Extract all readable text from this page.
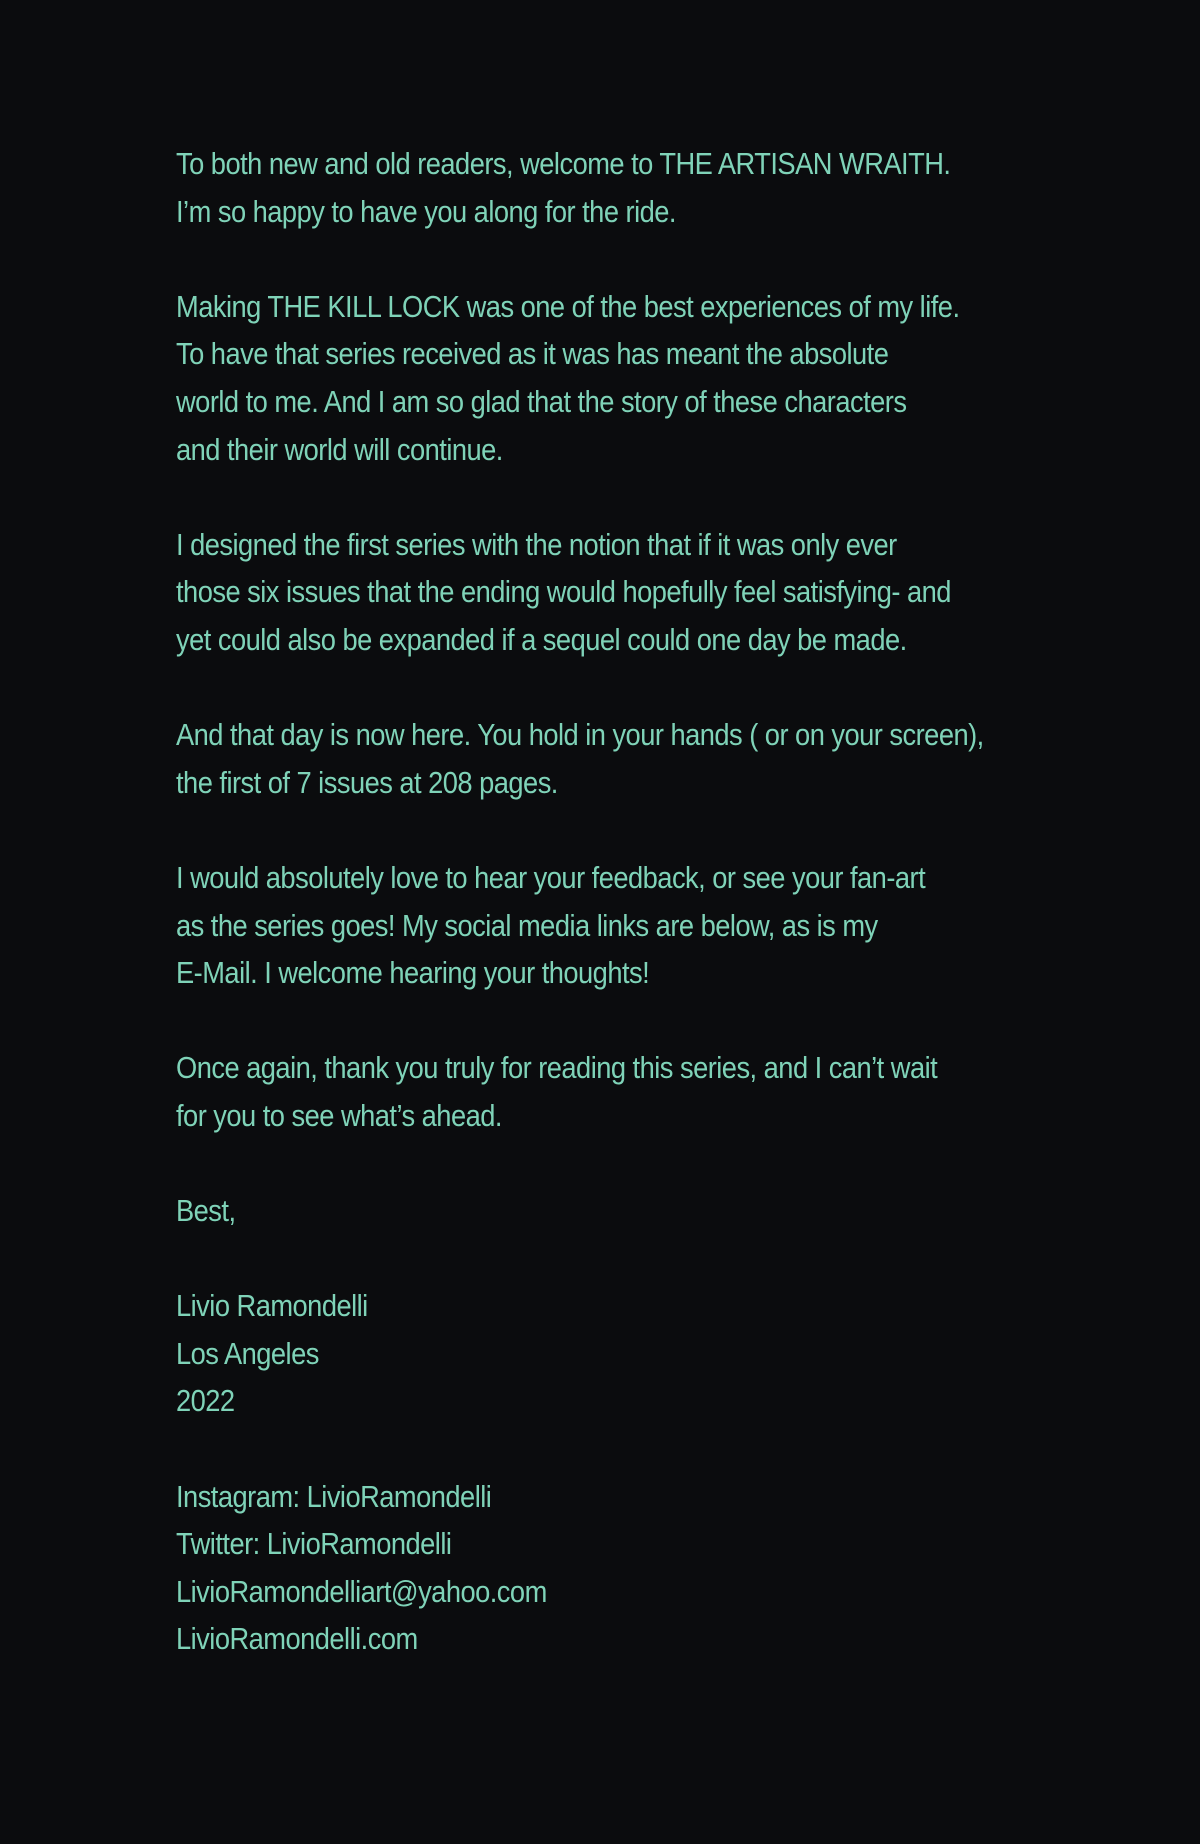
To both new and old readers, welcome to THE ARTISAN WRAITH.
I’m so happy to have you along for the ride.
Making THE KILL LOCK was one of the best experiences of my life.
To have that series received as it was has meant the absolute
world to me. And I am so glad that the story of these characters
and their world will continue.
I designed the first series with the notion that if it was only ever
those six issues that the ending would hopefully feel satisfying- and
yet could also be expanded if a sequel could one day be made.
And that day is now here. You hold in your hands ( or on your screen),
the first of 7 issues at 208 pages.
I would absolutely love to hear your feedback, or see your fan-art
as the series goes! My social media links are below, as is my
E-Mail. I welcome hearing your thoughts!
Once again, thank you truly for reading this series, and I can’t wait
for you to see what’s ahead.
Best,
Livio Ramondelli
Los Angeles
2022
Instagram: LivioRamondelli
Twitter: LivioRamondelli
LivioRamondelliart@yahoo.com
LivioRamondelli.com
